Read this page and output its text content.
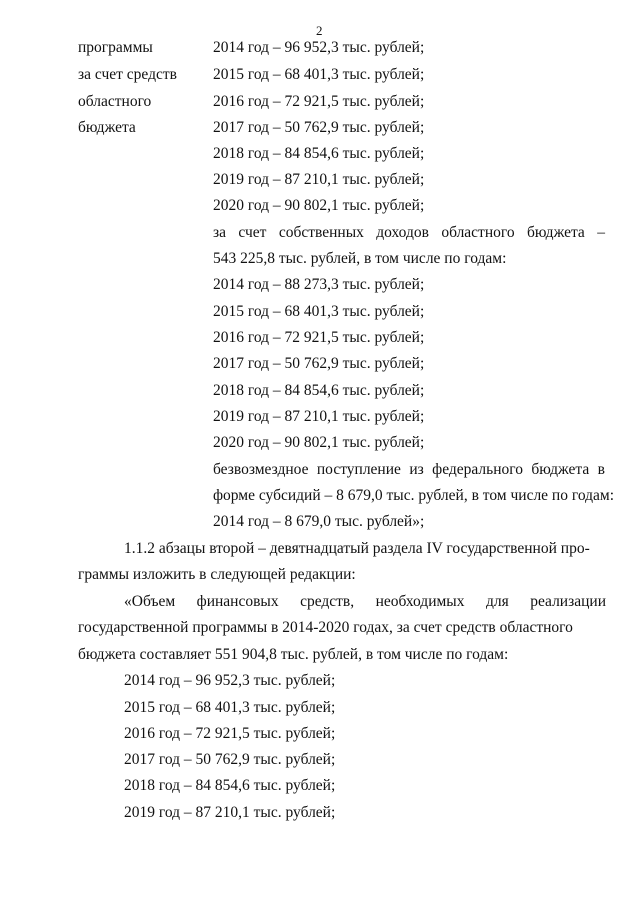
2
программы
за счет средств
областного
бюджета
2014 год – 96 952,3 тыс. рублей;
2015 год – 68 401,3 тыс. рублей;
2016 год – 72 921,5 тыс. рублей;
2017 год – 50 762,9 тыс. рублей;
2018 год – 84 854,6 тыс. рублей;
2019 год – 87 210,1 тыс. рублей;
2020 год – 90 802,1 тыс. рублей;
за счет собственных доходов областного бюджета –
543 225,8 тыс. рублей, в том числе по годам:
2014 год – 88 273,3 тыс. рублей;
2015 год – 68 401,3 тыс. рублей;
2016 год – 72 921,5 тыс. рублей;
2017 год – 50 762,9 тыс. рублей;
2018 год – 84 854,6 тыс. рублей;
2019 год – 87 210,1 тыс. рублей;
2020 год – 90 802,1 тыс. рублей;
безвозмездное поступление из федерального бюджета в
форме субсидий – 8 679,0 тыс. рублей, в том числе по годам:
2014 год – 8 679,0 тыс. рублей»;
1.1.2 абзацы второй – девятнадцатый раздела IV государственной про-
граммы изложить в следующей редакции:
«Объем финансовых средств, необходимых для реализации
государственной программы в 2014-2020 годах, за счет средств областного
бюджета составляет 551 904,8 тыс. рублей, в том числе по годам:
2014 год – 96 952,3 тыс. рублей;
2015 год – 68 401,3 тыс. рублей;
2016 год – 72 921,5 тыс. рублей;
2017 год – 50 762,9 тыс. рублей;
2018 год – 84 854,6 тыс. рублей;
2019 год – 87 210,1 тыс. рублей;
